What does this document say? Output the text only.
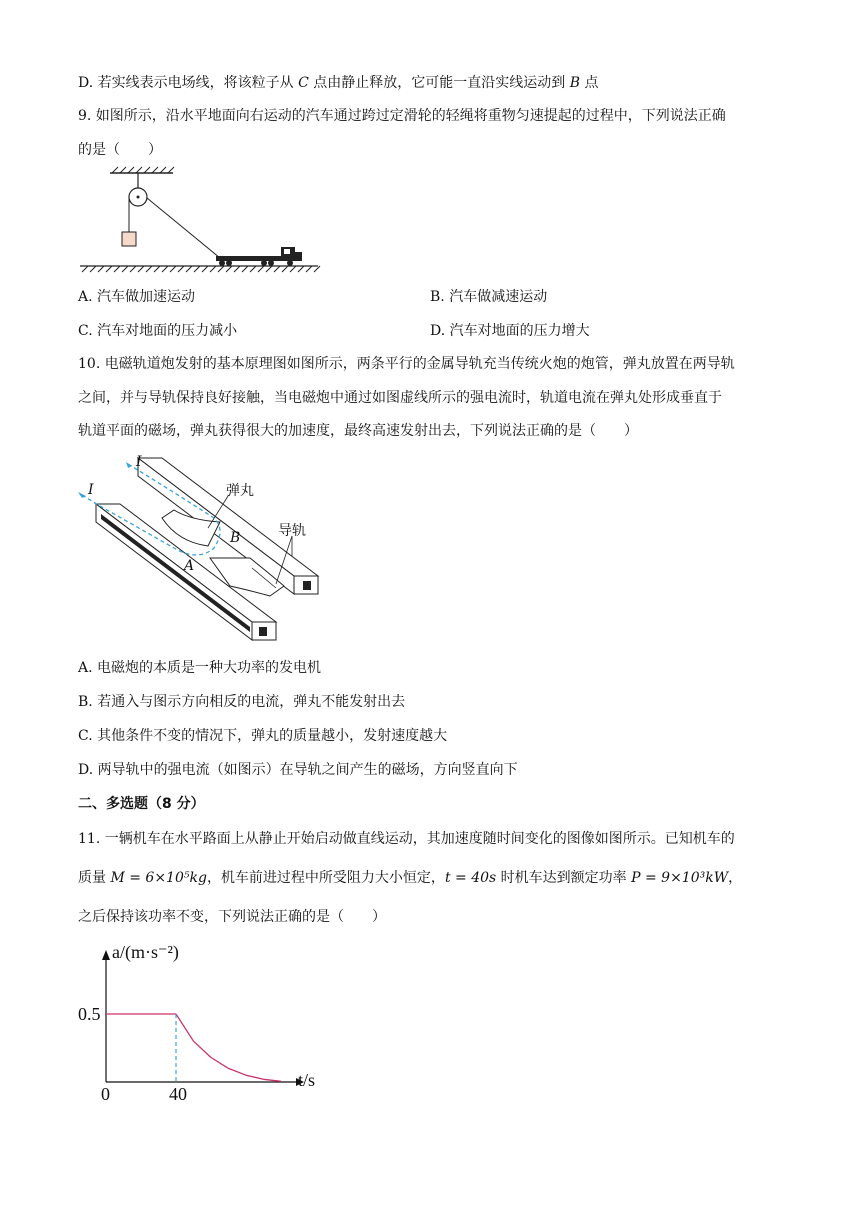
D. 若实线表示电场线，将该粒子从 C 点由静止释放，它可能一直沿实线运动到 B 点
9. 如图所示，沿水平地面向右运动的汽车通过跨过定滑轮的轻绳将重物匀速提起的过程中，下列说法正确
的是（　　）
A. 汽车做加速运动	B. 汽车做减速运动
C. 汽车对地面的压力减小	D. 汽车对地面的压力增大
10. 电磁轨道炮发射的基本原理图如图所示，两条平行的金属导轨充当传统火炮的炮管，弹丸放置在两导轨
之间，并与导轨保持良好接触，当电磁炮中通过如图虚线所示的强电流时，轨道电流在弹丸处形成垂直于
轨道平面的磁场，弹丸获得很大的加速度，最终高速发射出去，下列说法正确的是（　　）
I
I	弹丸
导轨
B
A
A. 电磁炮的本质是一种大功率的发电机
B. 若通入与图示方向相反的电流，弹丸不能发射出去
C. 其他条件不变的情况下，弹丸的质量越小，发射速度越大
D. 两导轨中的强电流（如图示）在导轨之间产生的磁场，方向竖直向下
二、多选题（8 分）
11. 一辆机车在水平路面上从静止开始启动做直线运动，其加速度随时间变化的图像如图所示。已知机车的
质量 M = 6×10⁵kg，机车前进过程中所受阻力大小恒定，t = 40s 时机车达到额定功率 P = 9×10³kW，
之后保持该功率不变，下列说法正确的是（　　）
a/(m·s⁻²)
t/s
0.5
0	40
